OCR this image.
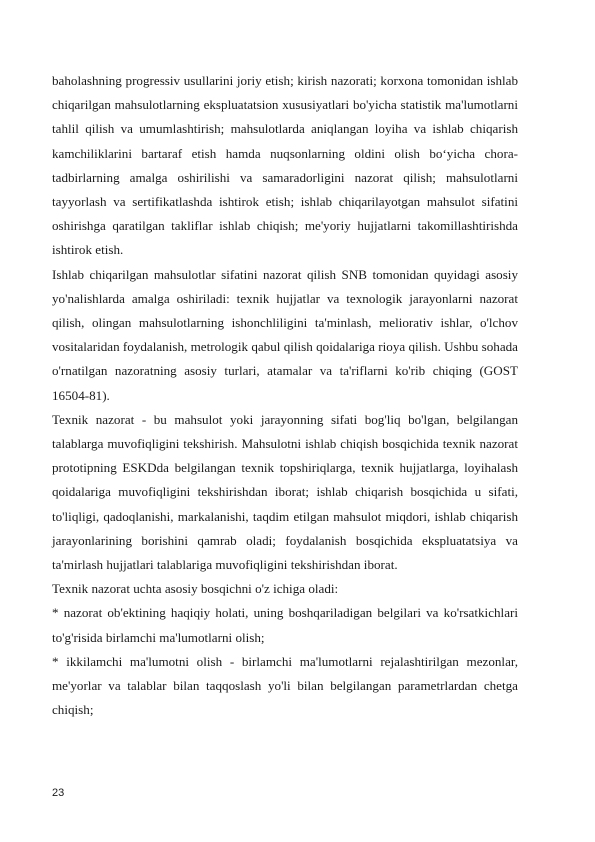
baholashning progressiv usullarini joriy etish; kirish nazorati; korxona tomonidan ishlab chiqarilgan mahsulotlarning ekspluatatsion xususiyatlari bo'yicha statistik ma'lumotlarni tahlil qilish va umumlashtirish; mahsulotlarda aniqlangan loyiha va ishlab chiqarish kamchiliklarini bartaraf etish hamda nuqsonlarning oldini olish bo‘yicha chora-tadbirlarning amalga oshirilishi va samaradorligini nazorat qilish; mahsulotlarni tayyorlash va sertifikatlashda ishtirok etish; ishlab chiqarilayotgan mahsulot sifatini oshirishga qaratilgan takliflar ishlab chiqish; me'yoriy hujjatlarni takomillashtirishda ishtirok etish.

Ishlab chiqarilgan mahsulotlar sifatini nazorat qilish SNB tomonidan quyidagi asosiy yo'nalishlarda amalga oshiriladi: texnik hujjatlar va texnologik jarayonlarni nazorat qilish, olingan mahsulotlarning ishonchliligini ta'minlash, meliorativ ishlar, o'lchov vositalaridan foydalanish, metrologik qabul qilish qoidalariga rioya qilish. Ushbu sohada o'rnatilgan nazoratning asosiy turlari, atamalar va ta'riflarni ko'rib chiqing (GOST 16504-81).

Texnik nazorat - bu mahsulot yoki jarayonning sifati bog'liq bo'lgan, belgilangan talablarga muvofiqligini tekshirish. Mahsulotni ishlab chiqish bosqichida texnik nazorat prototipning ESKDda belgilangan texnik topshiriqlarga, texnik hujjatlarga, loyihalash qoidalariga muvofiqligini tekshirishdan iborat; ishlab chiqarish bosqichida u sifati, to'liqligi, qadoqlanishi, markalanishi, taqdim etilgan mahsulot miqdori, ishlab chiqarish jarayonlarining borishini qamrab oladi; foydalanish bosqichida ekspluatatsiya va ta'mirlash hujjatlari talablariga muvofiqligini tekshirishdan iborat.

Texnik nazorat uchta asosiy bosqichni o'z ichiga oladi:

* nazorat ob'ektining haqiqiy holati, uning boshqariladigan belgilari va ko'rsatkichlari to'g'risida birlamchi ma'lumotlarni olish;

* ikkilamchi ma'lumotni olish - birlamchi ma'lumotlarni rejalashtirilgan mezonlar, me'yorlar va talablar bilan taqqoslash yo'li bilan belgilangan parametrlardan chetga chiqish;

23
